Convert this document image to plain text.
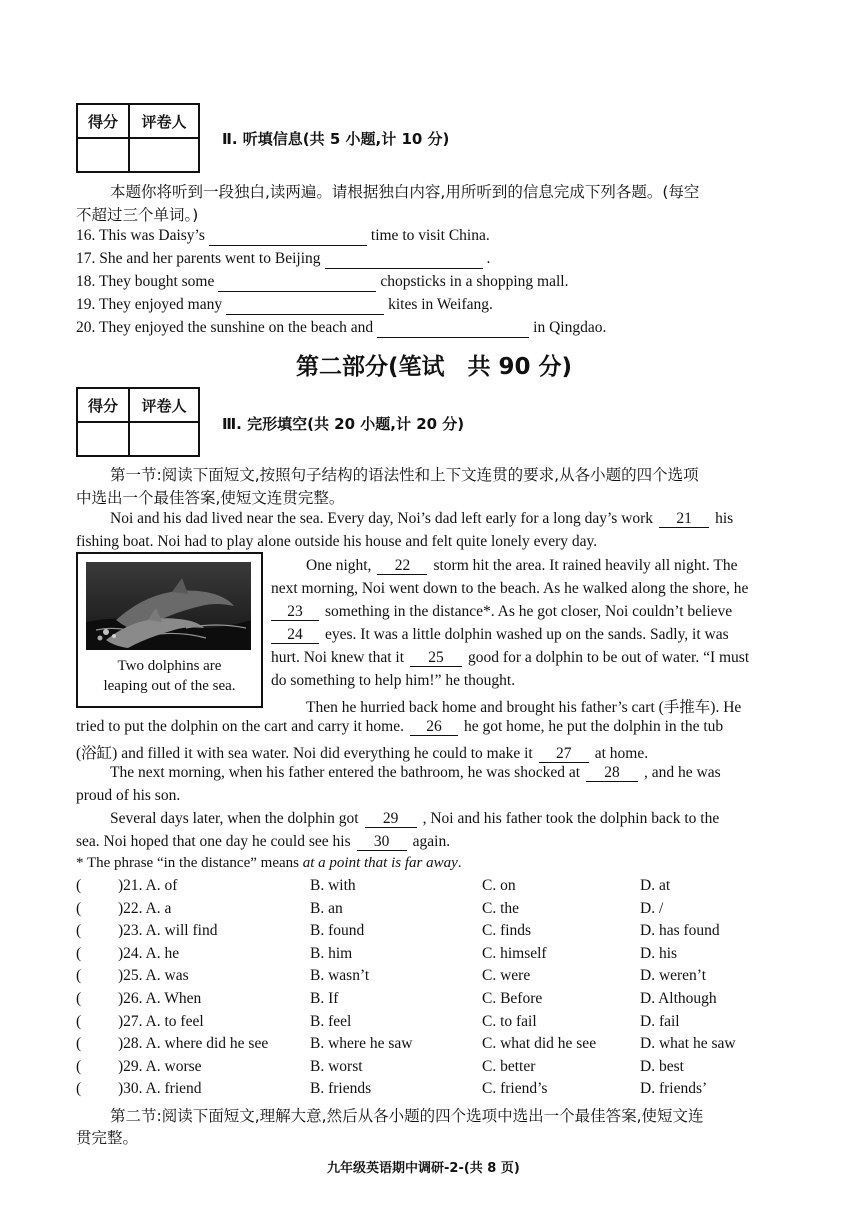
得分	评卷人

Ⅱ. 听填信息(共 5 小题,计 10 分)
本题你将听到一段独白,读两遍。请根据独白内容,用所听到的信息完成下列各题。(每空
不超过三个单词。)
16. This was Daisy’s	time to visit China.
17. She and her parents went to Beijing	.
18. They bought some	chopsticks in a shopping mall.
19. They enjoyed many	kites in Weifang.
20. They enjoyed the sunshine on the beach and	in Qingdao.
第二部分(笔试　共 90 分)
得分	评卷人

Ⅲ. 完形填空(共 20 小题,计 20 分)
第一节:阅读下面短文,按照句子结构的语法性和上下文连贯的要求,从各小题的四个选项
中选出一个最佳答案,使短文连贯完整。
Noi and his dad lived near the sea. Every day, Noi’s dad left early for a long day’s work 21 his
fishing boat. Noi had to play alone outside his house and felt quite lonely every day.
Two dolphins are
leaping out of the sea.
One night, 22 storm hit the area. It rained heavily all night. The
next morning, Noi went down to the beach. As he walked along the shore, he
23 something in the distance*. As he got closer, Noi couldn’t believe
24 eyes. It was a little dolphin washed up on the sands. Sadly, it was
hurt. Noi knew that it 25 good for a dolphin to be out of water. “I must
do something to help him!” he thought.
Then he hurried back home and brought his father’s cart (手推车). He
tried to put the dolphin on the cart and carry it home. 26 he got home, he put the dolphin in the tub
(浴缸) and filled it with sea water. Noi did everything he could to make it 27 at home.
The next morning, when his father entered the bathroom, he was shocked at 28 , and he was
proud of his son.
Several days later, when the dolphin got 29 , Noi and his father took the dolphin back to the
sea. Noi hoped that one day he could see his 30 again.
* The phrase “in the distance” means at a point that is far away.
( )21. A. of	B. with	C. on	D. at
( )22. A. a	B. an	C. the	D. /
( )23. A. will find	B. found	C. finds	D. has found
( )24. A. he	B. him	C. himself	D. his
( )25. A. was	B. wasn’t	C. were	D. weren’t
( )26. A. When	B. If	C. Before	D. Although
( )27. A. to feel	B. feel	C. to fail	D. fail
( )28. A. where did he see	B. where he saw	C. what did he see	D. what he saw
( )29. A. worse	B. worst	C. better	D. best
( )30. A. friend	B. friends	C. friend’s	D. friends’
第二节:阅读下面短文,理解大意,然后从各小题的四个选项中选出一个最佳答案,使短文连
贯完整。
九年级英语期中调研-2-(共 8 页)
